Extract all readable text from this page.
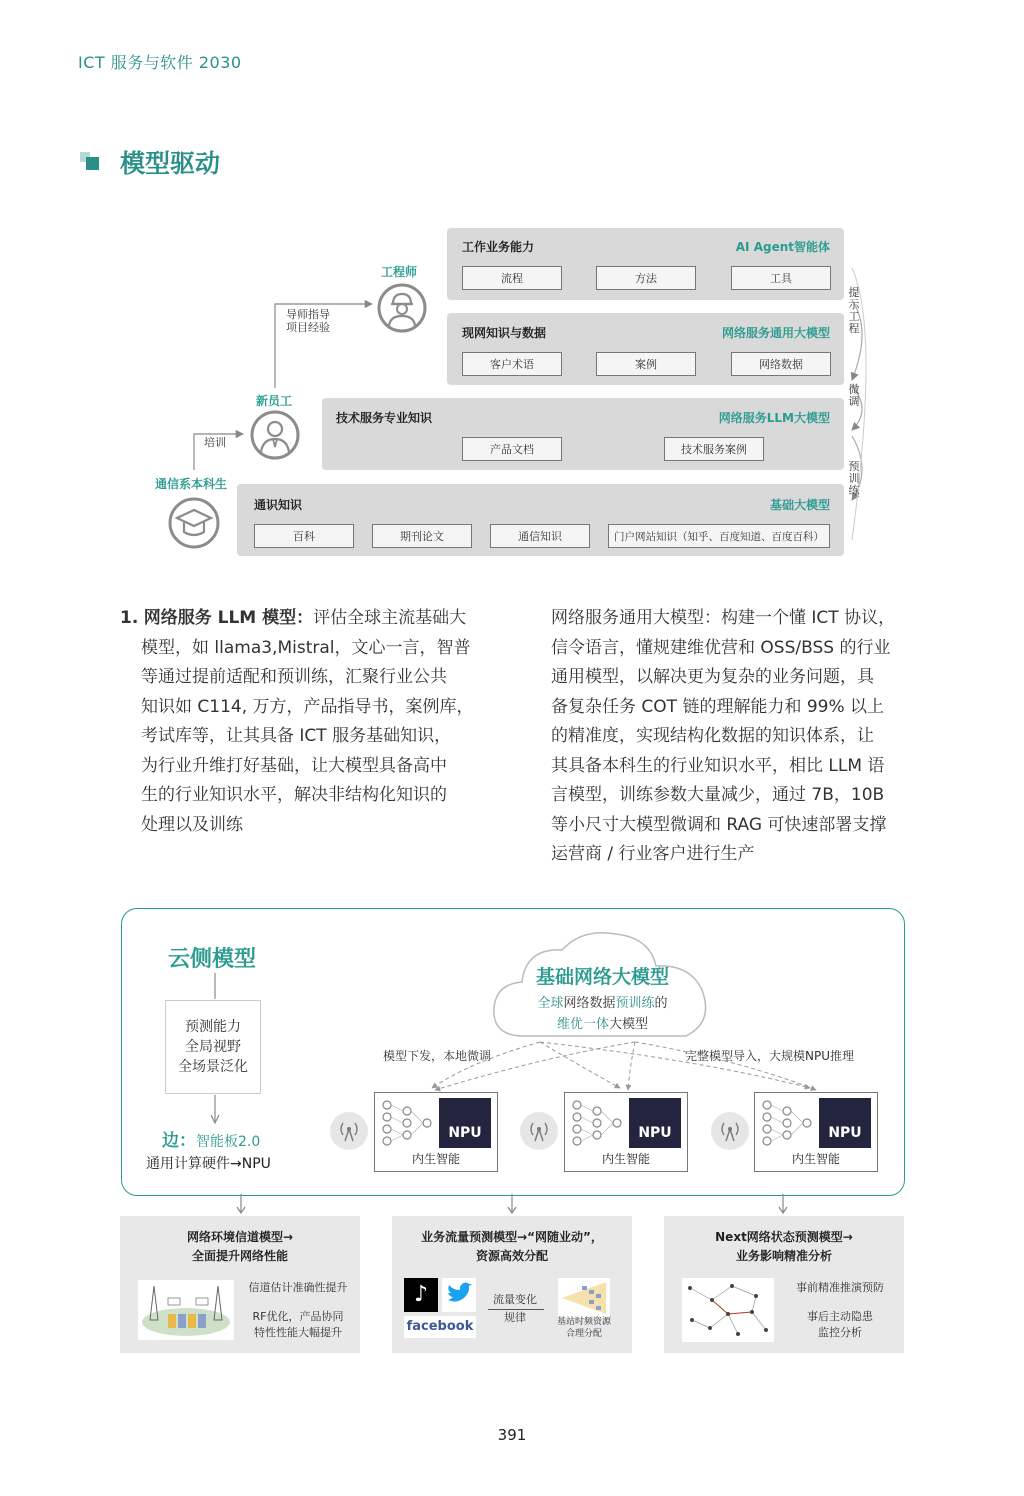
ICT 服务与软件 2030
模型驱动
工作业务能力	AI Agent智能体
流程	方法	工具
现网知识与数据	网络服务通用大模型
客户术语	案例	网络数据
技术服务专业知识	网络服务LLM大模型
产品文档	技术服务案例
通识知识	基础大模型
百科	期刊论文	通信知识	门户网站知识（知乎、百度知道、百度百科）
工程师
新员工
通信系本科生
导师指导
项目经验
培训
提示工程
微调
预训练
1. 网络服务 LLM 模型：评估全球主流基础大
模型，如 llama3,Mistral，文心一言，智普
等通过提前适配和预训练，汇聚行业公共
知识如 C114, 万方，产品指导书，案例库，
考试库等，让其具备 ICT 服务基础知识，
为行业升维打好基础，让大模型具备高中
生的行业知识水平，解决非结构化知识的
处理以及训练
网络服务通用大模型：构建一个懂 ICT 协议，
信令语言，懂规建维优营和 OSS/BSS 的行业
通用模型，以解决更为复杂的业务问题，具
备复杂任务 COT 链的理解能力和 99% 以上
的精准度，实现结构化数据的知识体系，让
其具备本科生的行业知识水平，相比 LLM 语
言模型，训练参数大量减少，通过 7B，10B
等小尺寸大模型微调和 RAG 可快速部署支撑
运营商 / 行业客户进行生产
云侧模型
预测能力
全局视野
全场景泛化
边：智能板2.0
通用计算硬件→NPU
基础网络大模型
全球网络数据预训练的
维优一体大模型
模型下发，本地微调	完整模型导入，大规模NPU推理
NPU
内生智能
NPU
内生智能
NPU
内生智能
网络环境信道模型→
全面提升网络性能
信道估计准确性提升
RF优化，产品协同
特性性能大幅提升
业务流量预测模型→“网随业动”，
资源高效分配
♪
facebook
流量变化
规律	基站时频资源
合理分配
Next网络状态预测模型→
业务影响精准分析
事前精准推演预防
事后主动隐患
监控分析
391
